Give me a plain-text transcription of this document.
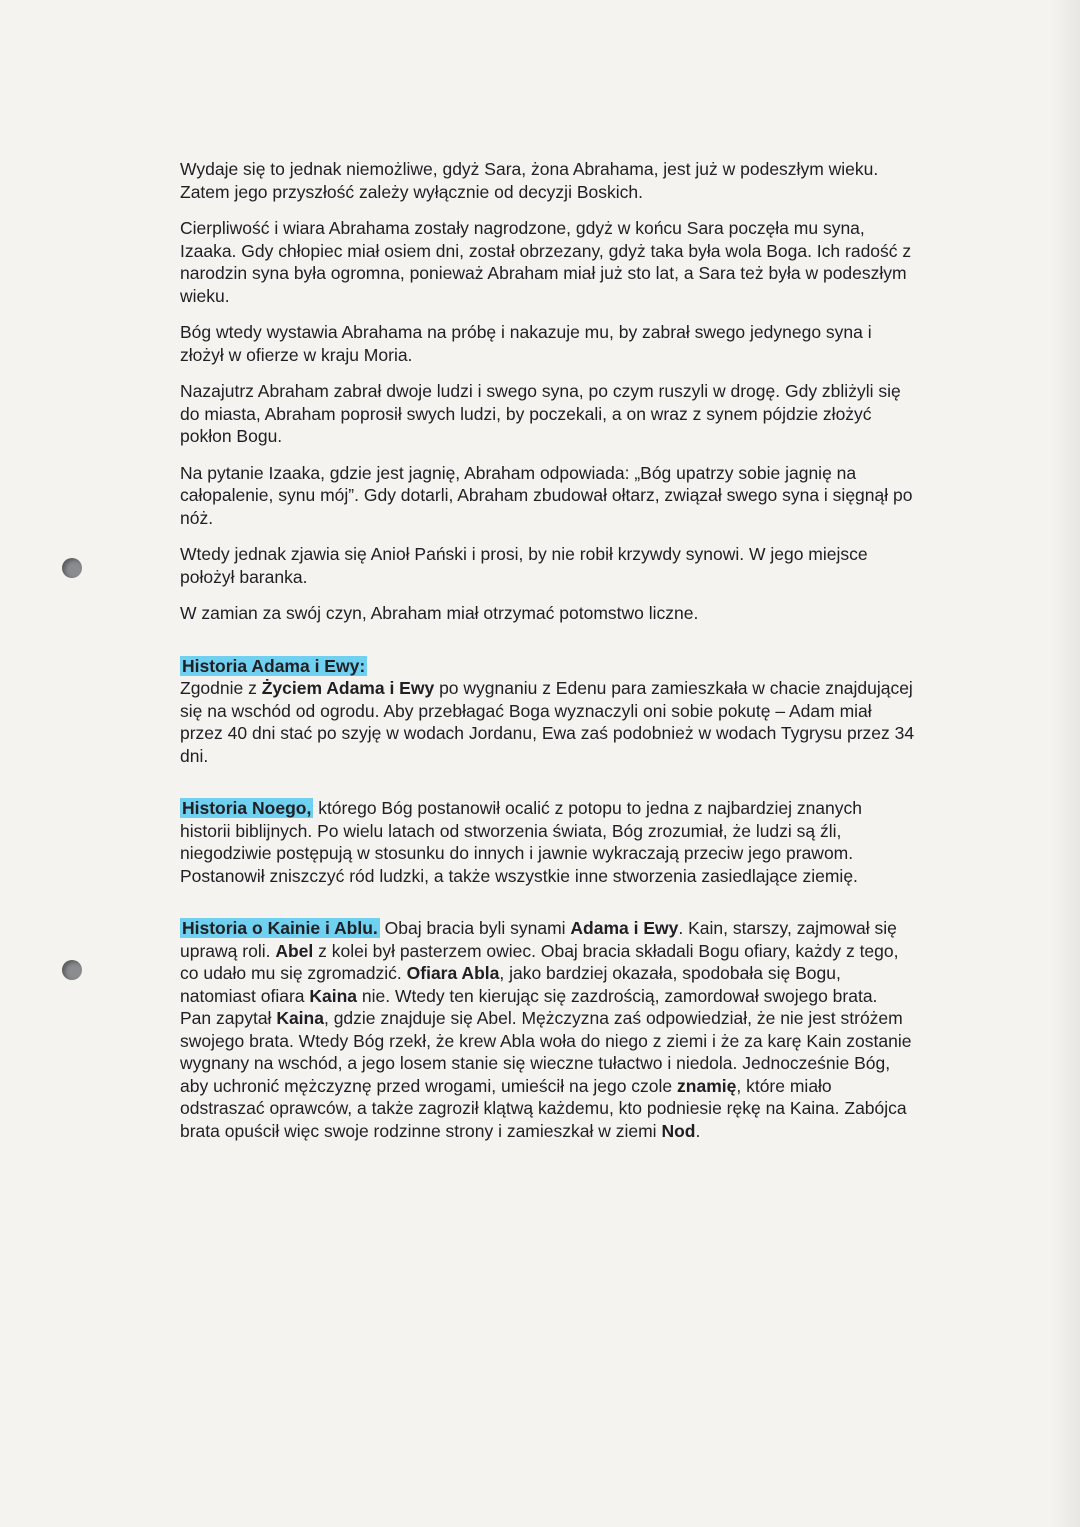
Wydaje się to jednak niemożliwe, gdyż Sara, żona Abrahama, jest już w podeszłym wieku. Zatem jego przyszłość zależy wyłącznie od decyzji Boskich.

Cierpliwość i wiara Abrahama zostały nagrodzone, gdyż w końcu Sara poczęła mu syna, Izaaka. Gdy chłopiec miał osiem dni, został obrzezany, gdyż taka była wola Boga. Ich radość z narodzin syna była ogromna, ponieważ Abraham miał już sto lat, a Sara też była w podeszłym wieku.

Bóg wtedy wystawia Abrahama na próbę i nakazuje mu, by zabrał swego jedynego syna i złożył w ofierze w kraju Moria.

Nazajutrz Abraham zabrał dwoje ludzi i swego syna, po czym ruszyli w drogę. Gdy zbliżyli się do miasta, Abraham poprosił swych ludzi, by poczekali, a on wraz z synem pójdzie złożyć pokłon Bogu.

Na pytanie Izaaka, gdzie jest jagnię, Abraham odpowiada: „Bóg upatrzy sobie jagnię na całopalenie, synu mój”. Gdy dotarli, Abraham zbudował ołtarz, związał swego syna i sięgnął po nóż.

Wtedy jednak zjawia się Anioł Pański i prosi, by nie robił krzywdy synowi. W jego miejsce położył baranka.

W zamian za swój czyn, Abraham miał otrzymać potomstwo liczne.

Historia Adama i Ewy:
Zgodnie z Życiem Adama i Ewy po wygnaniu z Edenu para zamieszkała w chacie znajdującej się na wschód od ogrodu. Aby przebłagać Boga wyznaczyli oni sobie pokutę – Adam miał przez 40 dni stać po szyję w wodach Jordanu, Ewa zaś podobnież w wodach Tygrysu przez 34 dni.

Historia Noego, którego Bóg postanowił ocalić z potopu to jedna z najbardziej znanych historii biblijnych. Po wielu latach od stworzenia świata, Bóg zrozumiał, że ludzi są źli, niegodziwie postępują w stosunku do innych i jawnie wykraczają przeciw jego prawom. Postanowił zniszczyć ród ludzki, a także wszystkie inne stworzenia zasiedlające ziemię.

Historia o Kainie i Ablu. Obaj bracia byli synami Adama i Ewy. Kain, starszy, zajmował się uprawą roli. Abel z kolei był pasterzem owiec. Obaj bracia składali Bogu ofiary, każdy z tego, co udało mu się zgromadzić. Ofiara Abla, jako bardziej okazała, spodobała się Bogu, natomiast ofiara Kaina nie. Wtedy ten kierując się zazdrością, zamordował swojego brata.

Pan zapytał Kaina, gdzie znajduje się Abel. Mężczyzna zaś odpowiedział, że nie jest stróżem swojego brata. Wtedy Bóg rzekł, że krew Abla woła do niego z ziemi i że za karę Kain zostanie wygnany na wschód, a jego losem stanie się wieczne tułactwo i niedola. Jednocześnie Bóg, aby uchronić mężczyznę przed wrogami, umieścił na jego czole znamię, które miało odstraszać oprawców, a także zagroził klątwą każdemu, kto podniesie rękę na Kaina. Zabójca brata opuścił więc swoje rodzinne strony i zamieszkał w ziemi Nod.
